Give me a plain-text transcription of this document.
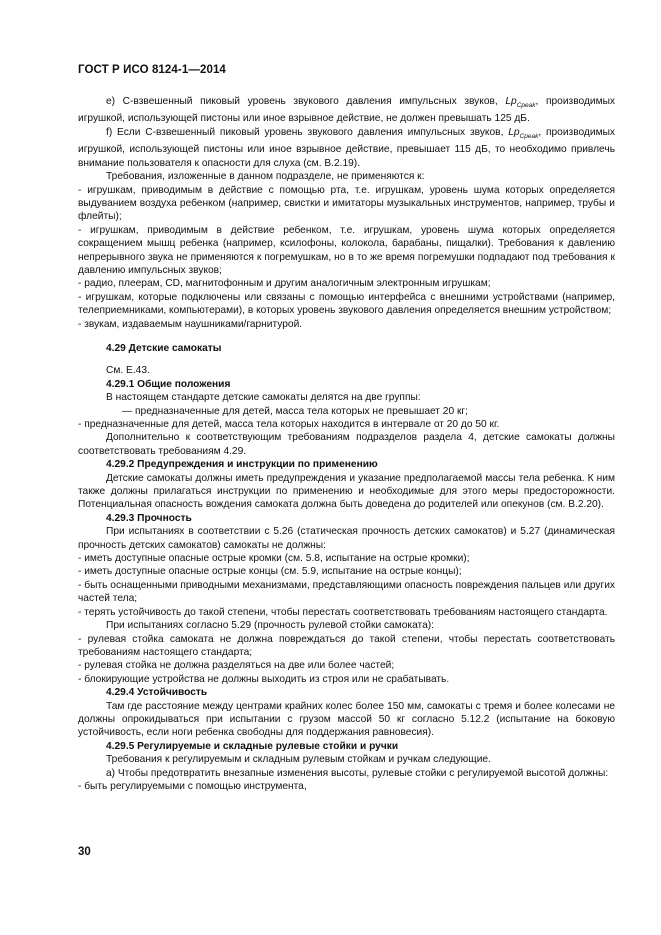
ГОСТ Р ИСО 8124-1—2014

e) С-взвешенный пиковый уровень звукового давления импульсных звуков, $Lp_{Cpeak}$, производимых игрушкой, использующей пистоны или иное взрывное действие, не должен превышать 125 дБ.

f) Если С-взвешенный пиковый уровень звукового давления импульсных звуков, $Lp_{Cpeak}$, производимых игрушкой, использующей пистоны или иное взрывное действие, превышает 115 дБ, то необходимо привлечь внимание пользователя к опасности для слуха (см. В.2.19).

Требования, изложенные в данном подразделе, не применяются к:

- игрушкам, приводимым в действие с помощью рта, т.е. игрушкам, уровень шума которых определяется выдуванием воздуха ребенком (например, свистки и имитаторы музыкальных инструментов, например, трубы и флейты);

- игрушкам, приводимым в действие ребенком, т.е. игрушкам, уровень шума которых определяется сокращением мышц ребенка (например, ксилофоны, колокола, барабаны, пищалки). Требования к давлению непрерывного звука не применяются к погремушкам, но в то же время погремушки подпадают под требования к давлению импульсных звуков;

- радио, плеерам, CD, магнитофонным и другим аналогичным электронным игрушкам;

- игрушкам, которые подключены или связаны с помощью интерфейса с внешними устройствами (например, телеприемниками, компьютерами), в которых уровень звукового давления определяется внешним устройством;

- звукам, издаваемым наушниками/гарнитурой.

4.29 Детские самокаты

См. Е.43.

4.29.1 Общие положения

В настоящем стандарте детские самокаты делятся на две группы:

— предназначенные для детей, масса тела которых не превышает 20 кг;

- предназначенные для детей, масса тела которых находится в интервале от 20 до 50 кг.

Дополнительно к соответствующим требованиям подразделов раздела 4, детские самокаты должны соответствовать требованиям 4.29.

4.29.2 Предупреждения и инструкции по применению

Детские самокаты должны иметь предупреждения и указание предполагаемой массы тела ребенка. К ним также должны прилагаться инструкции по применению и необходимые для этого меры предосторожности. Потенциальная опасность вождения самоката должна быть доведена до родителей или опекунов (см. В.2.20).

4.29.3 Прочность

При испытаниях в соответствии с 5.26 (статическая прочность детских самокатов) и 5.27 (динамическая прочность детских самокатов) самокаты не должны:

- иметь доступные опасные острые кромки (см. 5.8, испытание на острые кромки);

- иметь доступные опасные острые концы (см. 5.9, испытание на острые концы);

- быть оснащенными приводными механизмами, представляющими опасность повреждения пальцев или других частей тела;

- терять устойчивость до такой степени, чтобы перестать соответствовать требованиям настоящего стандарта.

При испытаниях согласно 5.29 (прочность рулевой стойки самоката):

- рулевая стойка самоката не должна повреждаться до такой степени, чтобы перестать соответствовать требованиям настоящего стандарта;

- рулевая стойка не должна разделяться на две или более частей;

- блокирующие устройства не должны выходить из строя или не срабатывать.

4.29.4 Устойчивость

Там где расстояние между центрами крайних колес более 150 мм, самокаты с тремя и более колесами не должны опрокидываться при испытании с грузом массой 50 кг согласно 5.12.2 (испытание на боковую устойчивость, если ноги ребенка свободны для поддержания равновесия).

4.29.5 Регулируемые и складные рулевые стойки и ручки

Требования к регулируемым и складным рулевым стойкам и ручкам следующие.

a) Чтобы предотвратить внезапные изменения высоты, рулевые стойки с регулируемой высотой должны:

- быть регулируемыми с помощью инструмента,

30
